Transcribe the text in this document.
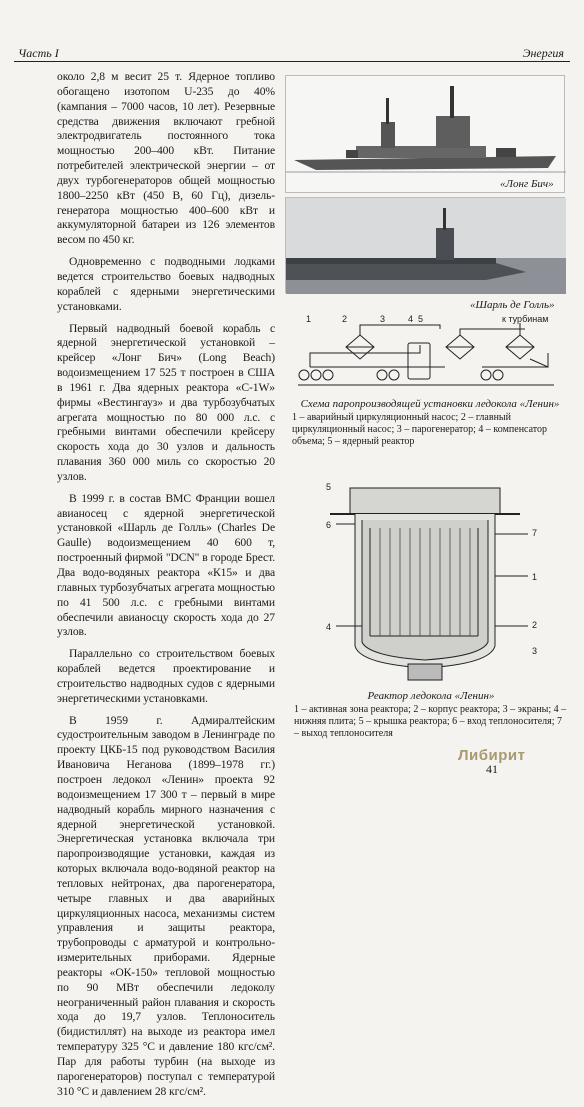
Часть I	Энергия

около 2,8 м весит 25 т. Ядерное топливо обогащено изотопом U-235 до 40% (кампания – 7000 часов, 10 лет). Резервные средства движения включают гребной электродвигатель постоянного тока мощностью 200–400 кВт. Питание потребителей электрической энергии – от двух турбогенераторов общей мощностью 1800–2250 кВт (450 В, 60 Гц), дизель-генератора мощностью 400–600 кВт и аккумуляторной батареи из 126 элементов весом по 450 кг.

Одновременно с подводными лодками ведется строительство боевых надводных кораблей с ядерными энергетическими установками.

Первый надводный боевой корабль с ядерной энергетической установкой – крейсер «Лонг Бич» (Long Beach) водоизмещением 17 525 т построен в США в 1961 г. Два ядерных реактора «С-1W» фирмы «Вестингауз» и два турбозубчатых агрегата мощностью по 80 000 л.с. с гребными винтами обеспечили крейсеру скорость хода до 30 узлов и дальность плавания 360 000 миль со скоростью 20 узлов.

В 1999 г. в состав ВМС Франции вошел авианосец с ядерной энергетической установкой «Шарль де Голль» (Charles De Gaulle) водоизмещением 40 600 т, построенный фирмой "DCN" в городе Брест. Два водо-водяных реактора «К15» и два главных турбозубчатых агрегата мощностью по 41 500 л.с. с гребными винтами обеспечили авианосцу скорость хода до 27 узлов.

Параллельно со строительством боевых кораблей ведется проектирование и строительство надводных судов с ядерными энергетическими установками.

В 1959 г. Адмиралтейским судостроительным заводом в Ленинграде по проекту ЦКБ-15 под руководством Василия Ивановича Неганова (1899–1978 гг.) построен ледокол «Ленин» проекта 92 водоизмещением 17 300 т – первый в мире надводный корабль мирного назначения с ядерной энергетической установкой. Энергетическая установка включала три паропроизводящие установки, каждая из которых включала водо-водяной реактор на тепловых нейтронах, два парогенератора, четыре главных и два аварийных циркуляционных насоса, механизмы систем управления и защиты реактора, трубопроводы с арматурой и контрольно-измерительных приборами. Ядерные реакторы «ОК-150» тепловой мощностью по 90 МВт обеспечили ледоколу неограниченный район плавания и скорость хода до 19,7 узлов. Теплоноситель (бидистиллят) на выходе из реактора имел температуру 325 °С и давление 180 кгс/см². Пар для работы турбин (на выходе из парогенераторов) поступал с температурой 310 °С и давлением 28 кгс/см².

«Лонг Бич»
«Шарль де Голль»
1	2	3	4 5	к турбинам
Схема паропроизводящей установки ледокола «Ленин»
1 – аварийный циркуляционный насос; 2 – главный циркуляционный насос; 3 – парогенератор; 4 – компенсатор объема; 5 – ядерный реактор
5
6
7
1
2
3
4
Реактор ледокола «Ленин»
1 – активная зона реактора; 2 – корпус реактора; 3 – экраны; 4 – нижняя плита; 5 – крышка реактора; 6 – вход теплоносителя; 7 – выход теплоносителя
41
Либирит
